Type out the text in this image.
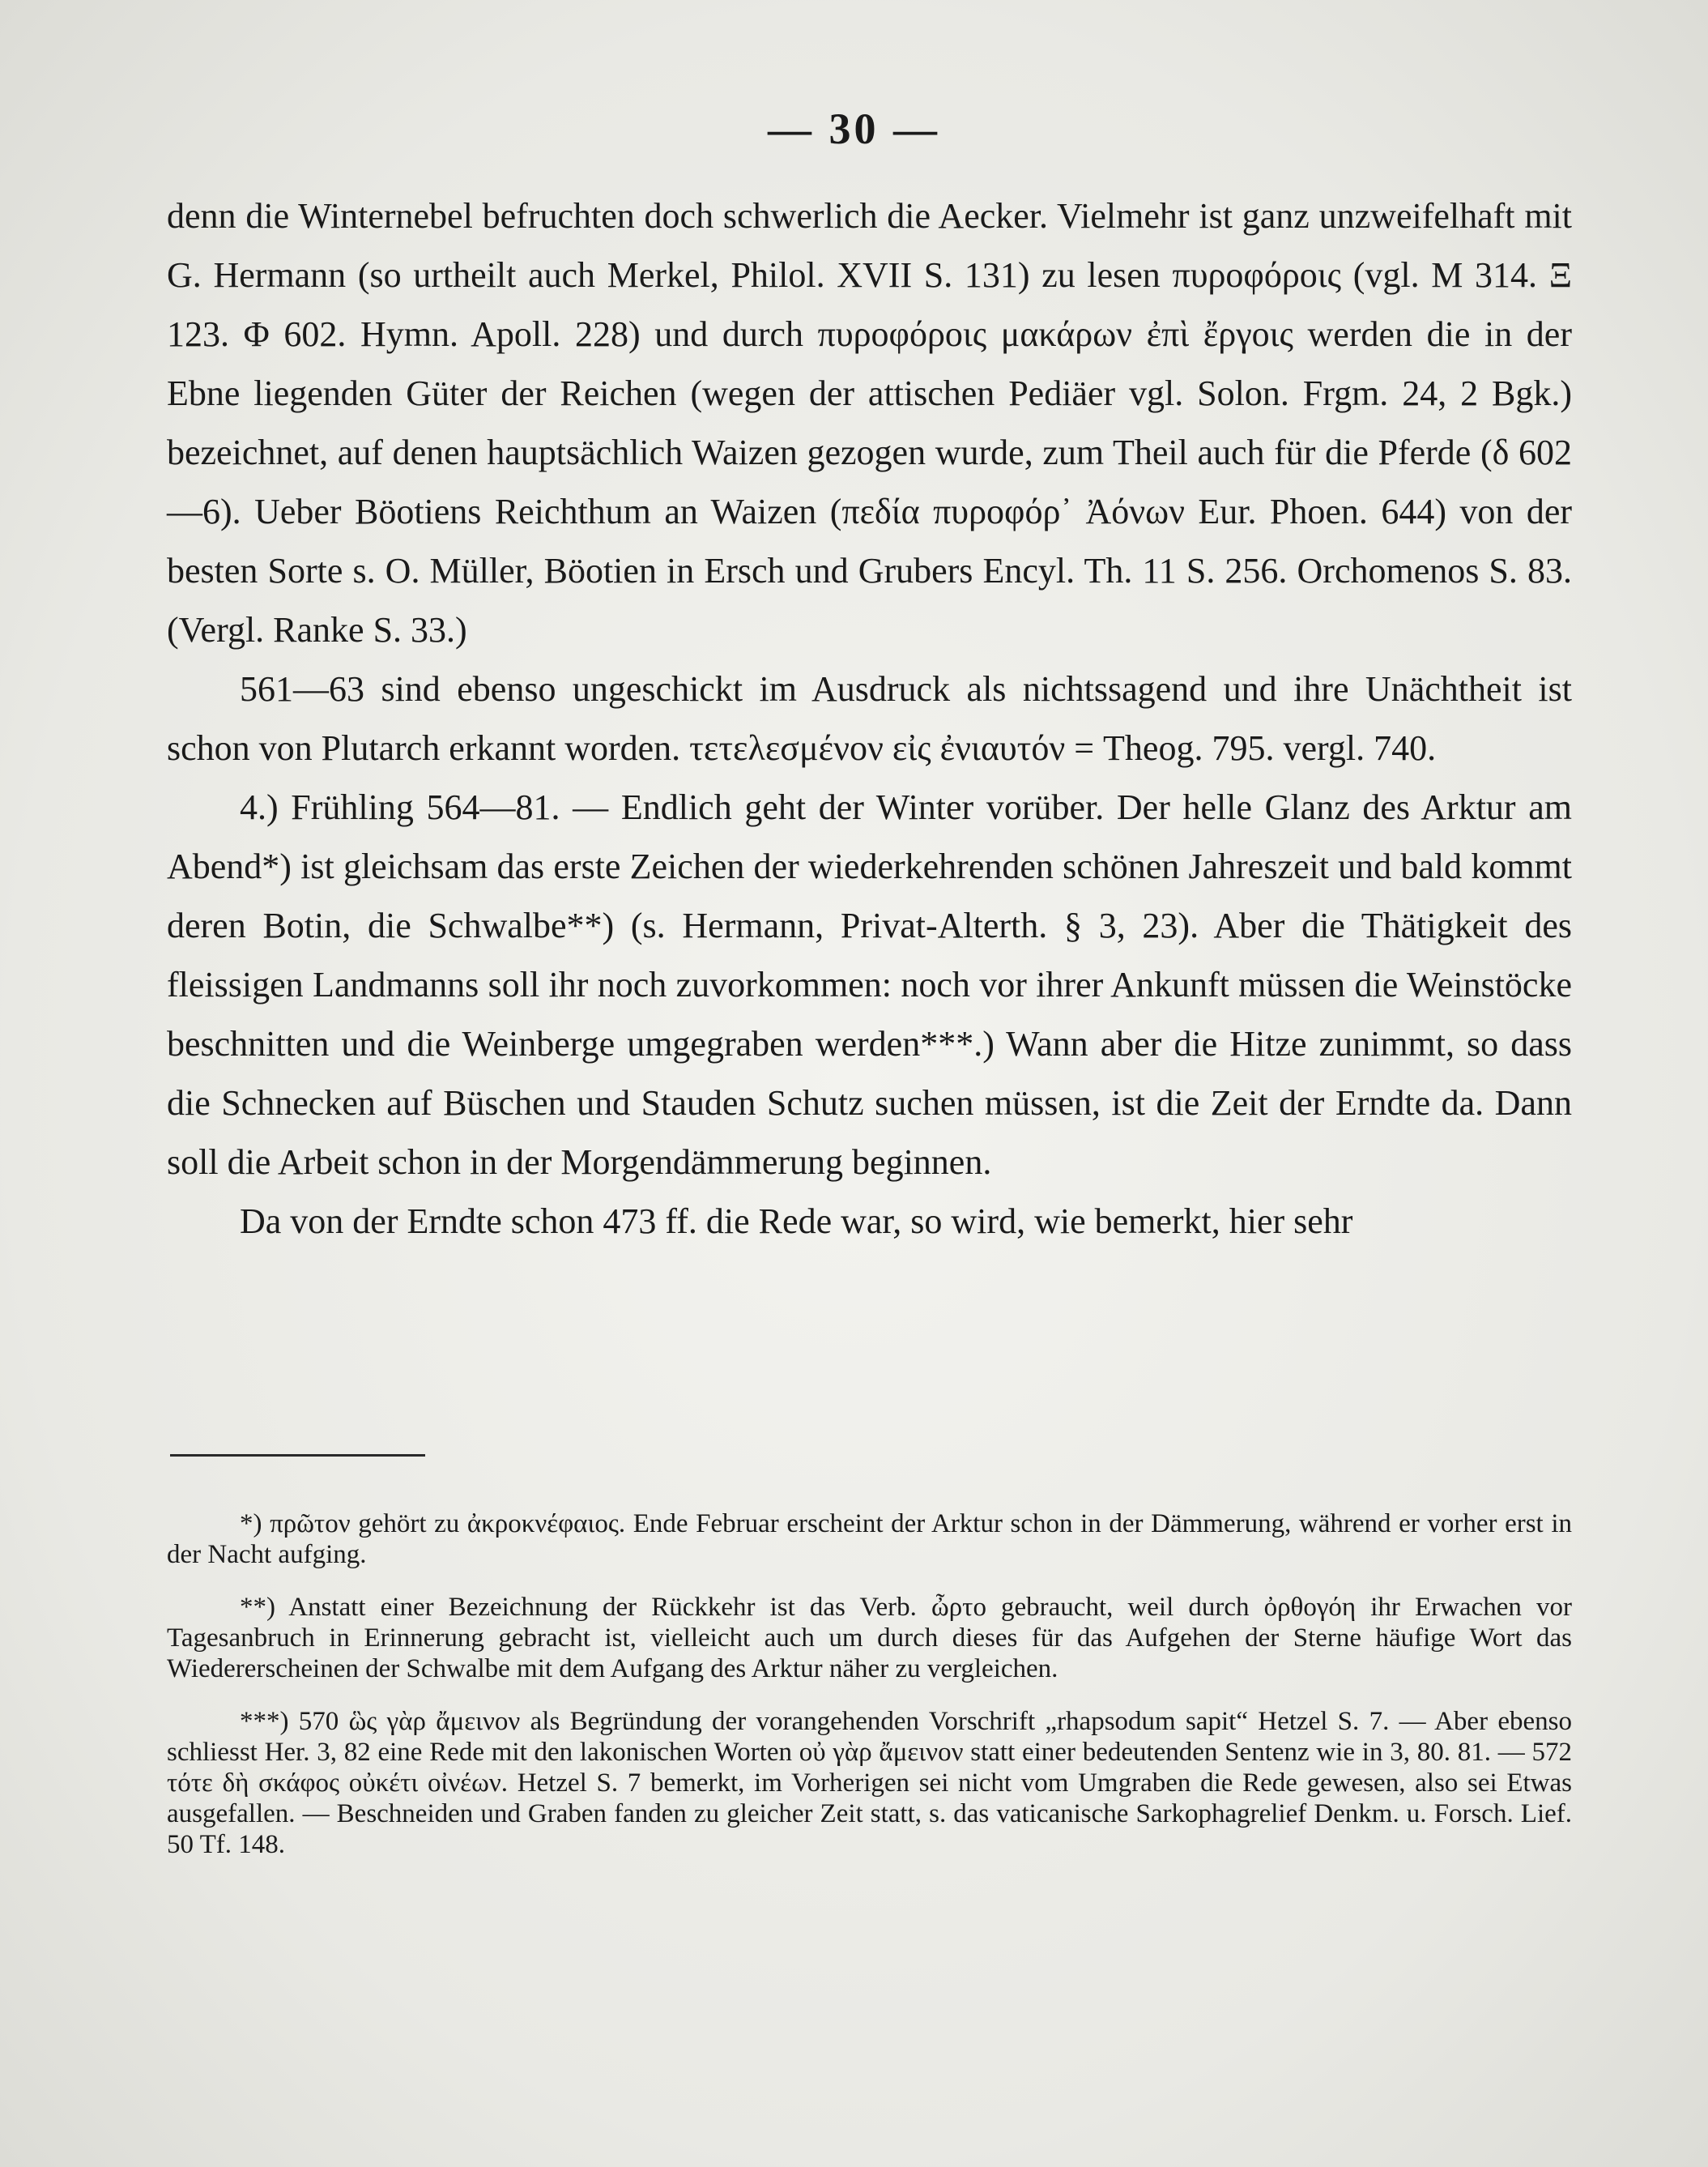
— 30 —

denn die Winternebel befruchten doch schwerlich die Aecker. Vielmehr ist ganz unzweifelhaft mit G. Hermann (so urtheilt auch Merkel, Philol. XVII S. 131) zu lesen πυροφόροις (vgl. M 314. Ξ 123. Φ 602. Hymn. Apoll. 228) und durch πυροφόροις μακάρων ἐπὶ ἔργοις werden die in der Ebne liegenden Güter der Reichen (wegen der attischen Pediäer vgl. Solon. Frgm. 24, 2 Bgk.) bezeichnet, auf denen hauptsächlich Waizen gezogen wurde, zum Theil auch für die Pferde (δ 602—6). Ueber Böotiens Reichthum an Waizen (πεδία πυροφόρ᾽ Ἀόνων Eur. Phoen. 644) von der besten Sorte s. O. Müller, Böotien in Ersch und Grubers Encyl. Th. 11 S. 256. Orchomenos S. 83. (Vergl. Ranke S. 33.)

561—63 sind ebenso ungeschickt im Ausdruck als nichtssagend und ihre Unächtheit ist schon von Plutarch erkannt worden. τετελεσμένον εἰς ἐνιαυτόν = Theog. 795. vergl. 740.

4.) Frühling 564—81. — Endlich geht der Winter vorüber. Der helle Glanz des Arktur am Abend*) ist gleichsam das erste Zeichen der wiederkehrenden schönen Jahreszeit und bald kommt deren Botin, die Schwalbe**) (s. Hermann, Privat-Alterth. § 3, 23). Aber die Thätigkeit des fleissigen Landmanns soll ihr noch zuvorkommen: noch vor ihrer Ankunft müssen die Weinstöcke beschnitten und die Weinberge umgegraben werden***.) Wann aber die Hitze zunimmt, so dass die Schnecken auf Büschen und Stauden Schutz suchen müssen, ist die Zeit der Erndte da. Dann soll die Arbeit schon in der Morgendämmerung beginnen.

Da von der Erndte schon 473 ff. die Rede war, so wird, wie bemerkt, hier sehr

*) πρῶτον gehört zu ἀκροκνέφαιος. Ende Februar erscheint der Arktur schon in der Dämmerung, während er vorher erst in der Nacht aufging.

**) Anstatt einer Bezeichnung der Rückkehr ist das Verb. ὦρτο gebraucht, weil durch ὀρθογόη ihr Erwachen vor Tagesanbruch in Erinnerung gebracht ist, vielleicht auch um durch dieses für das Aufgehen der Sterne häufige Wort das Wiedererscheinen der Schwalbe mit dem Aufgang des Arktur näher zu vergleichen.

***) 570 ὣς γὰρ ἄμεινον als Begründung der vorangehenden Vorschrift „rhapsodum sapit“ Hetzel S. 7. — Aber ebenso schliesst Her. 3, 82 eine Rede mit den lakonischen Worten οὐ γὰρ ἄμεινον statt einer bedeutenden Sentenz wie in 3, 80. 81. — 572 τότε δὴ σκάφος οὐκέτι οἰνέων. Hetzel S. 7 bemerkt, im Vorherigen sei nicht vom Umgraben die Rede gewesen, also sei Etwas ausgefallen. — Beschneiden und Graben fanden zu gleicher Zeit statt, s. das vaticanische Sarkophagrelief Denkm. u. Forsch. Lief. 50 Tf. 148.
